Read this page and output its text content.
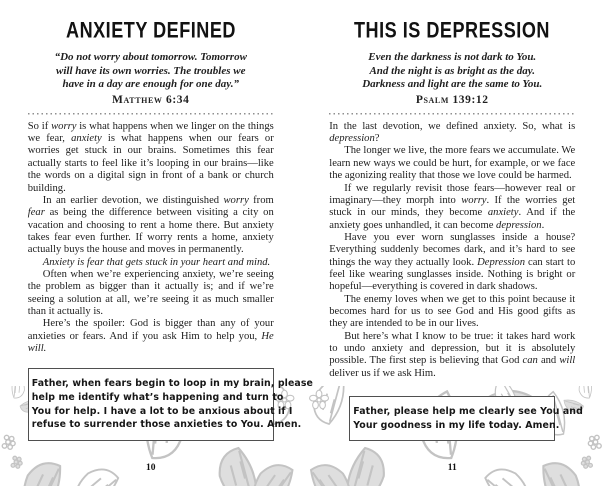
ANXIETY DEFINED
“Do not worry about tomorrow. Tomorrow
will have its own worries. The troubles we
have in a day are enough for one day.”
Matthew 6:34
So if worry is what happens when we linger on the things we fear, anxiety is what happens when our fears or worries get stuck in our brains. Sometimes this fear actually starts to feel like it’s looping in our brains—like the words on a digital sign in front of a bank or church building.
In an earlier devotion, we distinguished worry from fear as being the difference between visiting a city on vacation and choosing to rent a home there. But anxiety takes fear even further. If worry rents a home, anxiety actually buys the house and moves in permanently.
Anxiety is fear that gets stuck in your heart and mind.
Often when we’re experiencing anxiety, we’re seeing the problem as bigger than it actually is; and if we’re seeing a solution at all, we’re seeing it as much smaller than it actually is.
Here’s the spoiler: God is bigger than any of your anxieties or fears. And if you ask Him to help you, He will.
Father, when fears begin to loop in my brain, please
help me identify what’s happening and turn to
You for help. I have a lot to be anxious about if I
refuse to surrender those anxieties to You. Amen.
10
THIS IS DEPRESSION
Even the darkness is not dark to You.
And the night is as bright as the day.
Darkness and light are the same to You.
Psalm 139:12
In the last devotion, we defined anxiety. So, what is depression?
The longer we live, the more fears we accumulate. We learn new ways we could be hurt, for example, or we face the agonizing reality that those we love could be harmed.
If we regularly revisit those fears—however real or imaginary—they morph into worry. If the worries get stuck in our minds, they become anxiety. And if the anxiety goes unhandled, it can become depression.
Have you ever worn sunglasses inside a house? Everything suddenly becomes dark, and it’s hard to see things the way they actually look. Depression can start to feel like wearing sunglasses inside. Nothing is bright or hopeful—everything is covered in dark shadows.
The enemy loves when we get to this point because it becomes hard for us to see God and His good gifts as they are intended to be in our lives.
But here’s what I know to be true: it takes hard work to undo anxiety and depression, but it is absolutely possible. The first step is believing that God can and will deliver us if we ask Him.
Father, please help me clearly see You and
Your goodness in my life today. Amen.
11
